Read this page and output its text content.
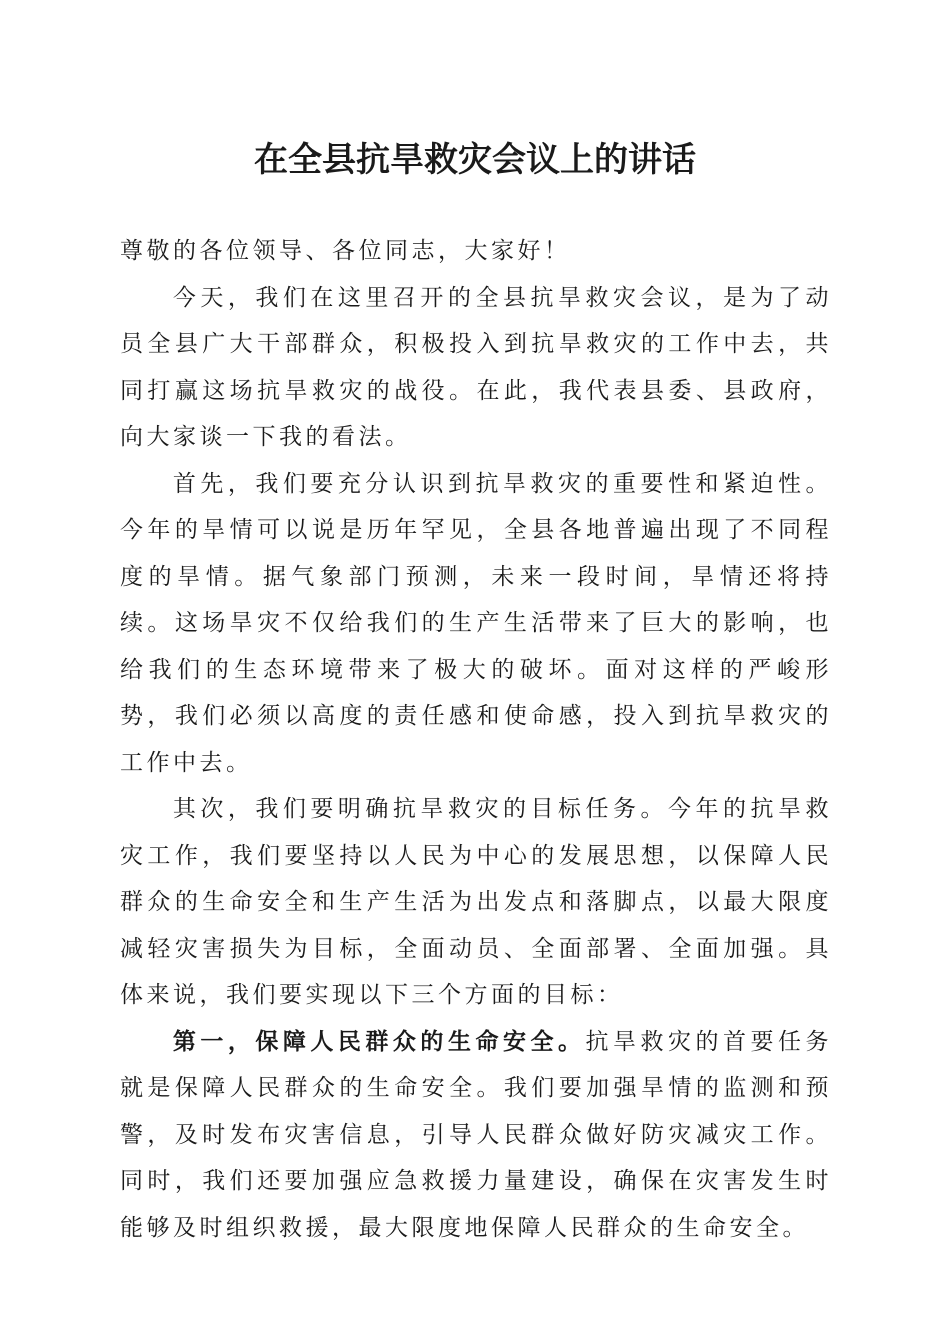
在全县抗旱救灾会议上的讲话

尊敬的各位领导、各位同志，大家好！

今天，我们在这里召开的全县抗旱救灾会议，是为了动员全县广大干部群众，积极投入到抗旱救灾的工作中去，共同打赢这场抗旱救灾的战役。在此，我代表县委、县政府，向大家谈一下我的看法。

首先，我们要充分认识到抗旱救灾的重要性和紧迫性。今年的旱情可以说是历年罕见，全县各地普遍出现了不同程度的旱情。据气象部门预测，未来一段时间，旱情还将持续。这场旱灾不仅给我们的生产生活带来了巨大的影响，也给我们的生态环境带来了极大的破坏。面对这样的严峻形势，我们必须以高度的责任感和使命感，投入到抗旱救灾的工作中去。

其次，我们要明确抗旱救灾的目标任务。今年的抗旱救灾工作，我们要坚持以人民为中心的发展思想，以保障人民群众的生命安全和生产生活为出发点和落脚点，以最大限度减轻灾害损失为目标，全面动员、全面部署、全面加强。具体来说，我们要实现以下三个方面的目标：

第一，保障人民群众的生命安全。抗旱救灾的首要任务就是保障人民群众的生命安全。我们要加强旱情的监测和预警，及时发布灾害信息，引导人民群众做好防灾减灾工作。同时，我们还要加强应急救援力量建设，确保在灾害发生时能够及时组织救援，最大限度地保障人民群众的生命安全。
